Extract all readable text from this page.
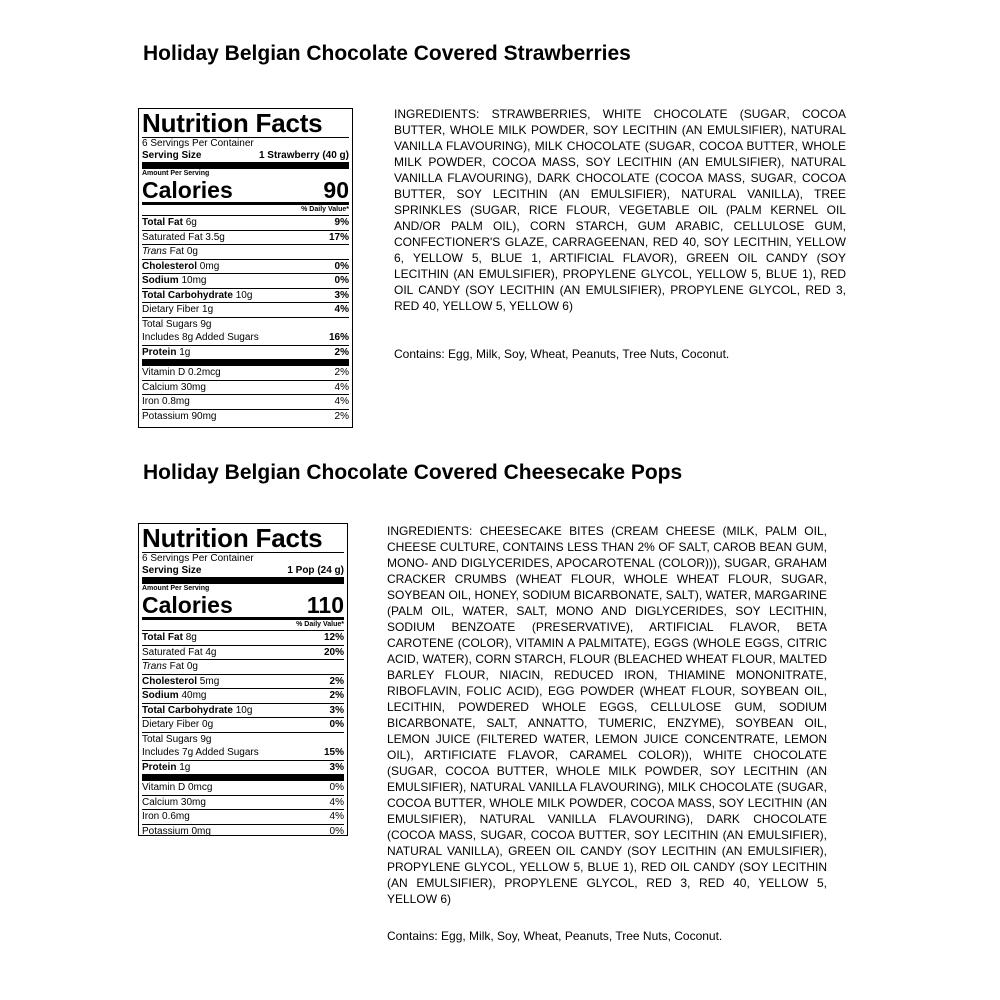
Holiday Belgian Chocolate Covered Strawberries
Nutrition Facts
6 Servings Per Container
Serving Size	1 Strawberry (40 g)
Amount Per Serving
Calories	90
% Daily Value*
Total Fat 6g	9%
Saturated Fat 3.5g	17%
Trans Fat 0g
Cholesterol 0mg	0%
Sodium 10mg	0%
Total Carbohydrate 10g	3%
Dietary Fiber 1g	4%
Total Sugars 9g
Includes 8g Added Sugars	16%
Protein 1g	2%
Vitamin D 0.2mcg	2%
Calcium 30mg	4%
Iron 0.8mg	4%
Potassium 90mg	2%

INGREDIENTS: STRAWBERRIES, WHITE CHOCOLATE (SUGAR, COCOA BUTTER, WHOLE MILK POWDER, SOY LECITHIN (AN EMULSIFIER), NATURAL VANILLA FLAVOURING), MILK CHOCOLATE (SUGAR, COCOA BUTTER, WHOLE MILK POWDER, COCOA MASS, SOY LECITHIN (AN EMULSIFIER), NATURAL VANILLA FLAVOURING), DARK CHOCOLATE (COCOA MASS, SUGAR, COCOA BUTTER, SOY LECITHIN (AN EMULSIFIER), NATURAL VANILLA), TREE SPRINKLES (SUGAR, RICE FLOUR, VEGETABLE OIL (PALM KERNEL OIL AND/OR PALM OIL), CORN STARCH, GUM ARABIC, CELLULOSE GUM, CONFECTIONER'S GLAZE, CARRAGEENAN, RED 40, SOY LECITHIN, YELLOW 6, YELLOW 5, BLUE 1, ARTIFICIAL FLAVOR), GREEN OIL CANDY (SOY LECITHIN (AN EMULSIFIER), PROPYLENE GLYCOL, YELLOW 5, BLUE 1), RED OIL CANDY (SOY LECITHIN (AN EMULSIFIER), PROPYLENE GLYCOL, RED 3, RED 40, YELLOW 5, YELLOW 6)

Contains: Egg, Milk, Soy, Wheat, Peanuts, Tree Nuts, Coconut.
Holiday Belgian Chocolate Covered Cheesecake Pops
Nutrition Facts
6 Servings Per Container
Serving Size	1 Pop (24 g)
Amount Per Serving
Calories	110
% Daily Value*
Total Fat 8g	12%
Saturated Fat 4g	20%
Trans Fat 0g
Cholesterol 5mg	2%
Sodium 40mg	2%
Total Carbohydrate 10g	3%
Dietary Fiber 0g	0%
Total Sugars 9g
Includes 7g Added Sugars	15%
Protein 1g	3%
Vitamin D 0mcg	0%
Calcium 30mg	4%
Iron 0.6mg	4%
Potassium 0mg	0%

INGREDIENTS: CHEESECAKE BITES (CREAM CHEESE (MILK, PALM OIL, CHEESE CULTURE, CONTAINS LESS THAN 2% OF SALT, CAROB BEAN GUM, MONO- AND DIGLYCERIDES, APOCAROTENAL (COLOR))), SUGAR, GRAHAM CRACKER CRUMBS (WHEAT FLOUR, WHOLE WHEAT FLOUR, SUGAR, SOYBEAN OIL, HONEY, SODIUM BICARBONATE, SALT), WATER, MARGARINE (PALM OIL, WATER, SALT, MONO AND DIGLYCERIDES, SOY LECITHIN, SODIUM BENZOATE (PRESERVATIVE), ARTIFICIAL FLAVOR, BETA CAROTENE (COLOR), VITAMIN A PALMITATE), EGGS (WHOLE EGGS, CITRIC ACID, WATER), CORN STARCH, FLOUR (BLEACHED WHEAT FLOUR, MALTED BARLEY FLOUR, NIACIN, REDUCED IRON, THIAMINE MONONITRATE, RIBOFLAVIN, FOLIC ACID), EGG POWDER (WHEAT FLOUR, SOYBEAN OIL, LECITHIN, POWDERED WHOLE EGGS, CELLULOSE GUM, SODIUM BICARBONATE, SALT, ANNATTO, TUMERIC, ENZYME), SOYBEAN OIL, LEMON JUICE (FILTERED WATER, LEMON JUICE CONCENTRATE, LEMON OIL), ARTIFICIATE FLAVOR, CARAMEL COLOR)), WHITE CHOCOLATE (SUGAR, COCOA BUTTER, WHOLE MILK POWDER, SOY LECITHIN (AN EMULSIFIER), NATURAL VANILLA FLAVOURING), MILK CHOCOLATE (SUGAR, COCOA BUTTER, WHOLE MILK POWDER, COCOA MASS, SOY LECITHIN (AN EMULSIFIER), NATURAL VANILLA FLAVOURING), DARK CHOCOLATE (COCOA MASS, SUGAR, COCOA BUTTER, SOY LECITHIN (AN EMULSIFIER), NATURAL VANILLA), GREEN OIL CANDY (SOY LECITHIN (AN EMULSIFIER), PROPYLENE GLYCOL, YELLOW 5, BLUE 1), RED OIL CANDY (SOY LECITHIN (AN EMULSIFIER), PROPYLENE GLYCOL, RED 3, RED 40, YELLOW 5, YELLOW 6)

Contains: Egg, Milk, Soy, Wheat, Peanuts, Tree Nuts, Coconut.
